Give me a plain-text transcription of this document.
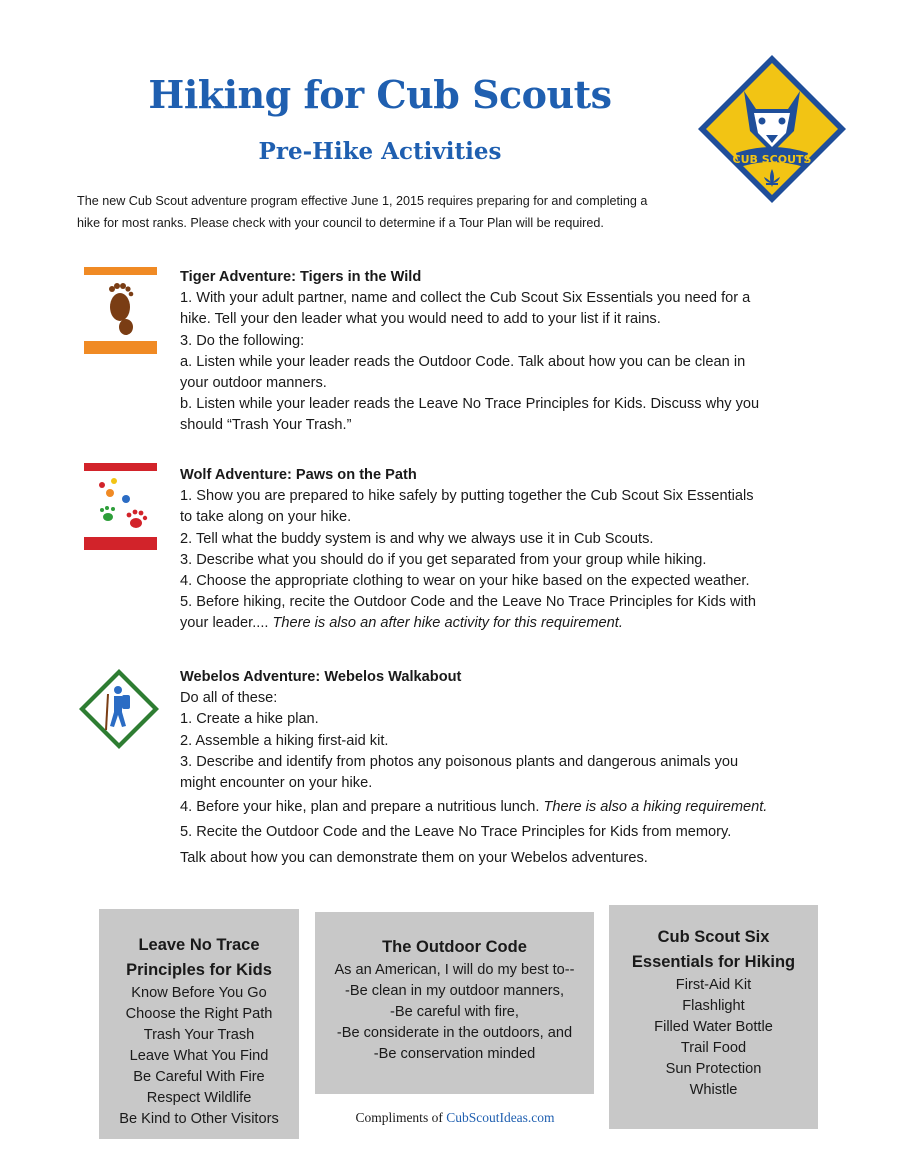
Hiking for Cub Scouts
Pre-Hike Activities	CUB SCOUTS

The new Cub Scout adventure program effective June 1, 2015 requires preparing for and completing a

hike for most ranks. Please check with your council to determine if a Tour Plan will be required.

Tiger Adventure: Tigers in the Wild

1. With your adult partner, name and collect the Cub Scout Six Essentials you need for a

hike. Tell your den leader what you would need to add to your list if it rains.

3. Do the following:

a. Listen while your leader reads the Outdoor Code. Talk about how you can be clean in

your outdoor manners.

b. Listen while your leader reads the Leave No Trace Principles for Kids. Discuss why you

should “Trash Your Trash.”

Wolf Adventure: Paws on the Path

1. Show you are prepared to hike safely by putting together the Cub Scout Six Essentials

to take along on your hike.

2. Tell what the buddy system is and why we always use it in Cub Scouts.

3. Describe what you should do if you get separated from your group while hiking.

4. Choose the appropriate clothing to wear on your hike based on the expected weather.

5. Before hiking, recite the Outdoor Code and the Leave No Trace Principles for Kids with

your leader.... There is also an after hike activity for this requirement.

Webelos Adventure: Webelos Walkabout

Do all of these:

1. Create a hike plan.

2. Assemble a hiking first-aid kit.

3. Describe and identify from photos any poisonous plants and dangerous animals you

might encounter on your hike.

4. Before your hike, plan and prepare a nutritious lunch. There is also a hiking requirement.

5. Recite the Outdoor Code and the Leave No Trace Principles for Kids from memory.

Talk about how you can demonstrate them on your Webelos adventures.

Leave No Trace

Principles for Kids

Know Before You Go

Choose the Right Path

Trash Your Trash

Leave What You Find

Be Careful With Fire

Respect Wildlife

Be Kind to Other Visitors

The Outdoor Code

As an American, I will do my best to--

-Be clean in my outdoor manners,

-Be careful with fire,

-Be considerate in the outdoors, and

-Be conservation minded

Cub Scout Six

Essentials for Hiking

First-Aid Kit

Flashlight

Filled Water Bottle

Trail Food

Sun Protection

Whistle

Compliments of CubScoutIdeas.com
